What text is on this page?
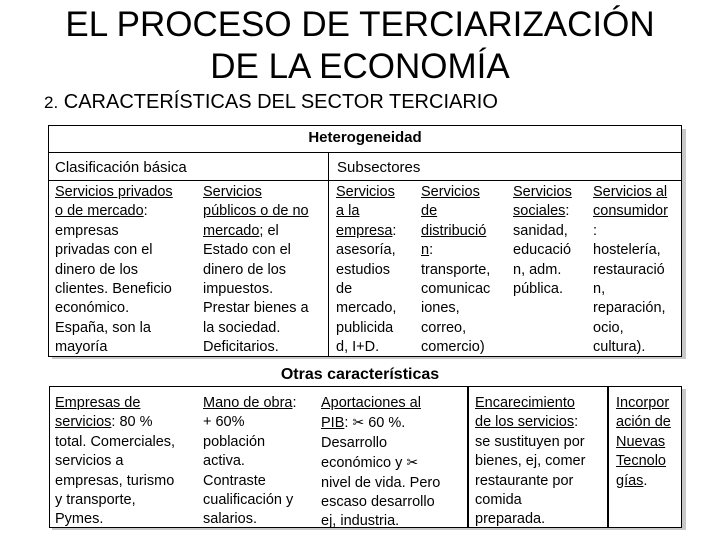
EL PROCESO DE TERCIARIZACIÓN
DE LA ECONOMÍA
2. CARACTERÍSTICAS DEL SECTOR TERCIARIO
Heterogeneidad
Clasificación básica	Subsectores
Servicios privados
o de mercado:
empresas
privadas con el
dinero de los
clientes. Beneficio
económico.
España, son la
mayoría
Servicios
públicos o de no
mercado; el
Estado con el
dinero de los
impuestos.
Prestar bienes a
la sociedad.
Deficitarios.
Servicios
a la
empresa:
asesoría,
estudios
de
mercado,
publicida
d, I+D.
Servicios
de
distribució
n:
transporte,
comunicac
iones,
correo,
comercio)
Servicios
sociales:
sanidad,
educació
n, adm.
pública.
Servicios al
consumidor
:
hostelería,
restauració
n,
reparación,
ocio,
cultura).
Otras características
Empresas de
servicios: 80 %
total. Comerciales,
servicios a
empresas, turismo
y transporte,
Pymes.
Mano de obra:
+ 60%
población
activa.
Contraste
cualificación y
salarios.
Aportaciones al
PIB: ✂ 60 %.
Desarrollo
económico y ✂
nivel de vida. Pero
escaso desarrollo
ej, industria.
Encarecimiento
de los servicios:
se sustituyen por
bienes, ej, comer
restaurante por
comida
preparada.
Incorpor
ación de
Nuevas
Tecnolo
gías.
